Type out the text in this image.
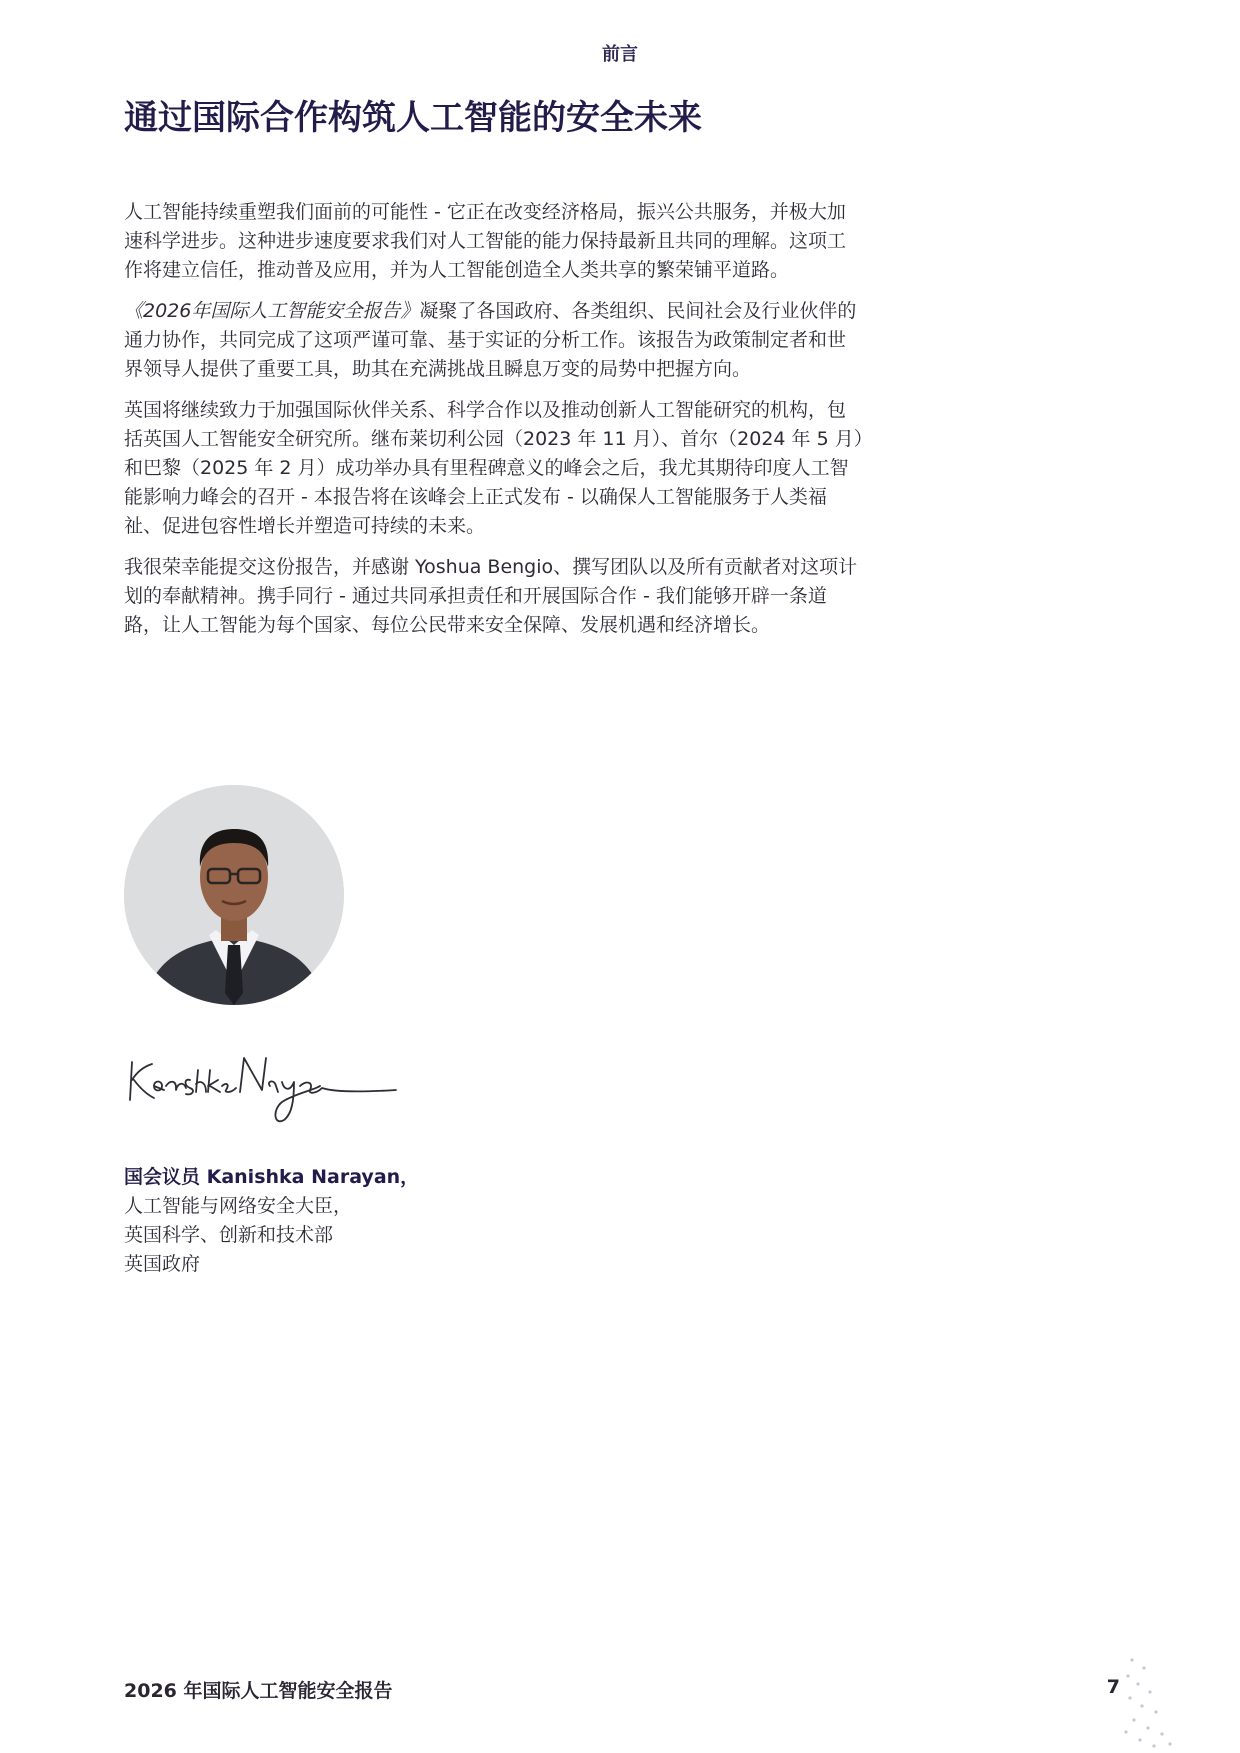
前言
通过国际合作构筑人工智能的安全未来

人工智能持续重塑我们面前的可能性 - 它正在改变经济格局，振兴公共服务，并极大加速科学进步。这种进步速度要求我们对人工智能的能力保持最新且共同的理解。这项工作将建立信任，推动普及应用，并为人工智能创造全人类共享的繁荣铺平道路。

《2026年国际人工智能安全报告》凝聚了各国政府、各类组织、民间社会及行业伙伴的通力协作，共同完成了这项严谨可靠、基于实证的分析工作。该报告为政策制定者和世界领导人提供了重要工具，助其在充满挑战且瞬息万变的局势中把握方向。

英国将继续致力于加强国际伙伴关系、科学合作以及推动创新人工智能研究的机构，包括英国人工智能安全研究所。继布莱切利公园（2023 年 11 月）、首尔（2024 年 5 月）和巴黎（2025 年 2 月）成功举办具有里程碑意义的峰会之后，我尤其期待印度人工智能影响力峰会的召开 - 本报告将在该峰会上正式发布 - 以确保人工智能服务于人类福祉、促进包容性增长并塑造可持续的未来。

我很荣幸能提交这份报告，并感谢 Yoshua Bengio、撰写团队以及所有贡献者对这项计划的奉献精神。携手同行 - 通过共同承担责任和开展国际合作 - 我们能够开辟一条道路，让人工智能为每个国家、每位公民带来安全保障、发展机遇和经济增长。

国会议员 Kanishka Narayan，
人工智能与网络安全大臣，
英国科学、创新和技术部
英国政府
2026 年国际人工智能安全报告	7
